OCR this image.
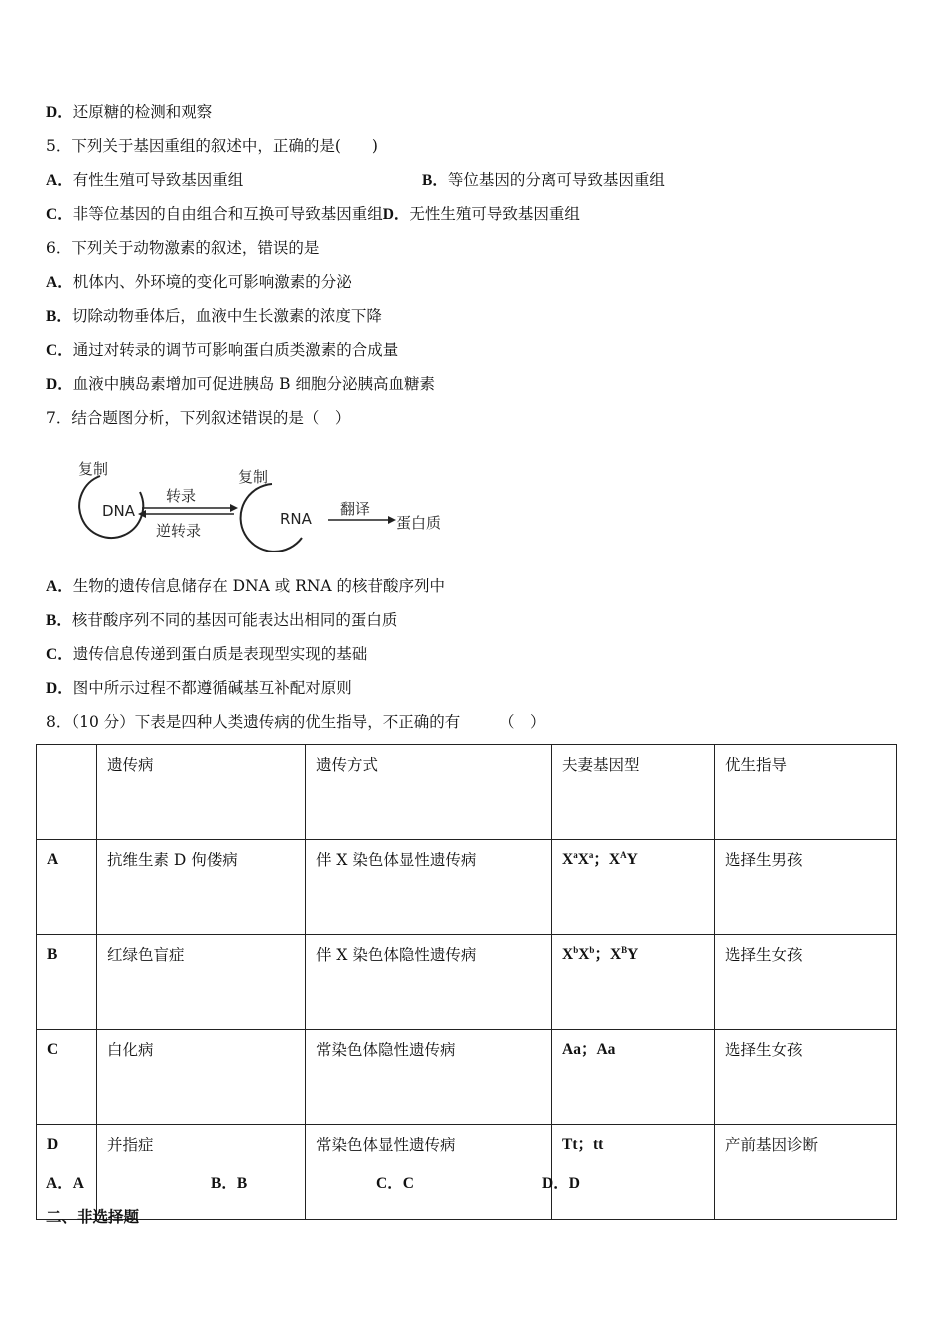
D．还原糖的检测和观察
5．下列关于基因重组的叙述中，正确的是(　　)
A．有性生殖可导致基因重组	B．等位基因的分离可导致基因重组
C．非等位基因的自由组合和互换可导致基因重组D．无性生殖可导致基因重组
6．下列关于动物激素的叙述，错误的是
A．机体内、外环境的变化可影响激素的分泌
B．切除动物垂体后，血液中生长激素的浓度下降
C．通过对转录的调节可影响蛋白质类激素的合成量
D．血液中胰岛素增加可促进胰岛 B 细胞分泌胰高血糖素
7．结合题图分析，下列叙述错误的是（　）
复制
DNA
转录
逆转录
复制
RNA
翻译
蛋白质
A．生物的遗传信息储存在 DNA 或 RNA 的核苷酸序列中
B．核苷酸序列不同的基因可能表达出相同的蛋白质
C．遗传信息传递到蛋白质是表现型实现的基础
D．图中所示过程不都遵循碱基互补配对原则
8．（10 分）下表是四种人类遗传病的优生指导，不正确的有　　　（　）
	遗传病	遗传方式	夫妻基因型	优生指导
A	抗维生素 D 佝偻病	伴 X 染色体显性遗传病	$X^aX^a$；$X^AY$	选择生男孩
B	红绿色盲症	伴 X 染色体隐性遗传病	$X^bX^b$；$X^BY$	选择生女孩
C	白化病	常染色体隐性遗传病	Aa；Aa	选择生女孩
D	并指症	常染色体显性遗传病	Tt；tt	产前基因诊断
A．A	B．B	C．C	D．D
二、非选择题
